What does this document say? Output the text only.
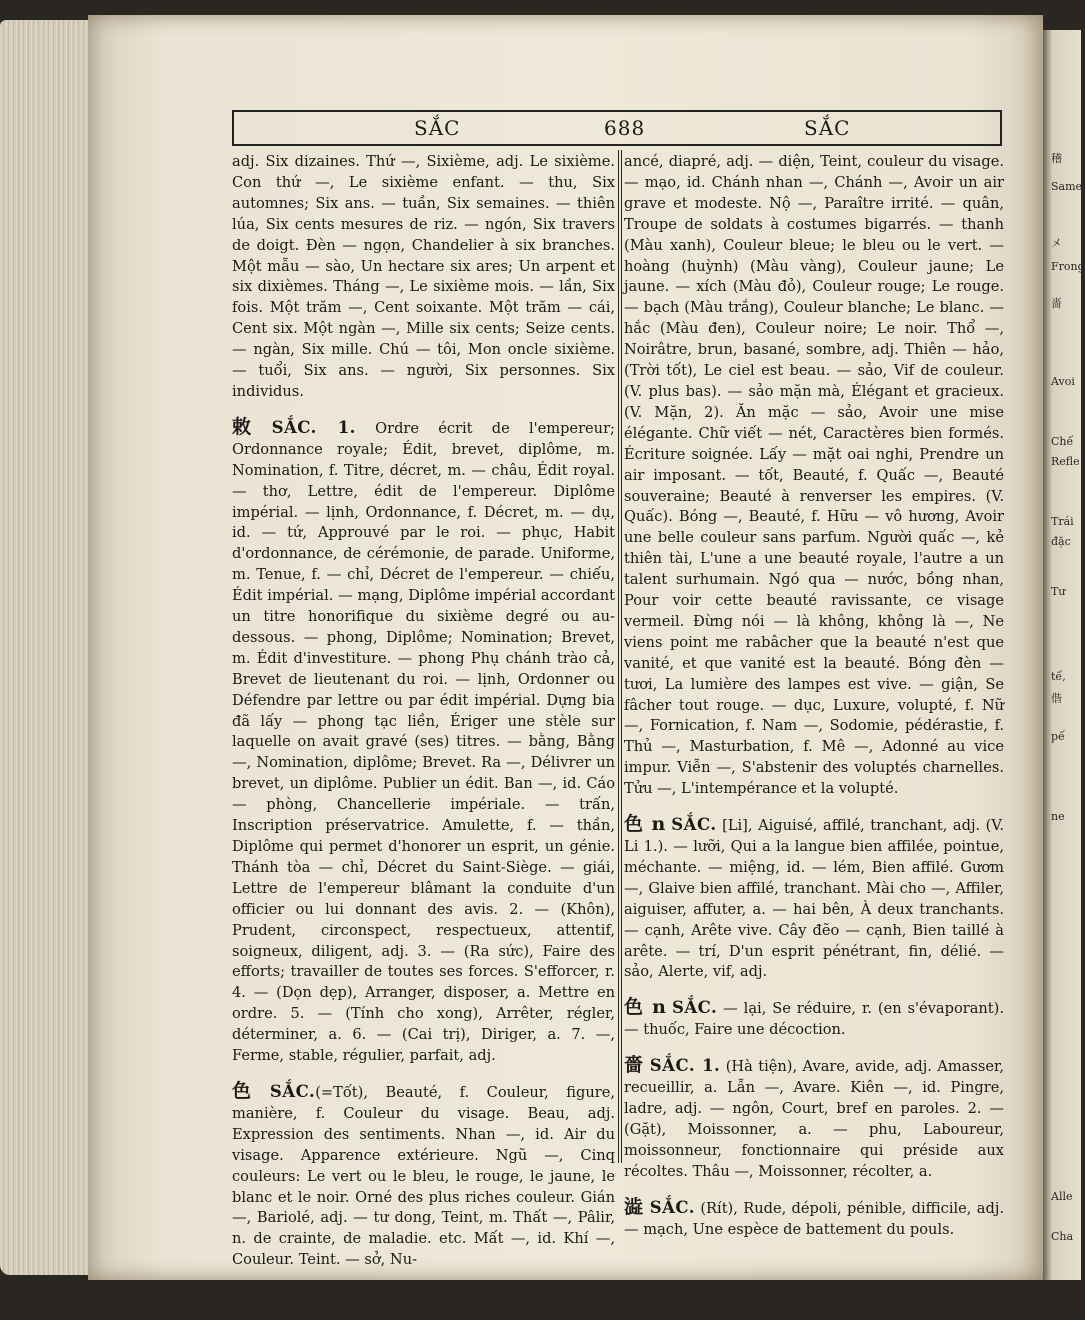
稽
Same
㐅
Frong
嗇
Avoi
Chế
Refle
Trái
đặc
Tư
tế,
偕
pế
ne
Alle
Cha
SẮC	688	SẮC

adj. Six dizaines. Thứ —, Sixième, adj. Le sixième. Con thứ —, Le sixième enfant. — thu, Six automnes; Six ans. — tuần, Six semaines. — thiên lúa, Six cents mesures de riz. — ngón, Six travers de doigt. Đèn — ngọn, Chandelier à six branches. Một mẫu — sào, Un hectare six ares; Un arpent et six dixièmes. Tháng —, Le sixième mois. — lần, Six fois. Một trăm —, Cent soixante. Một trăm — cái, Cent six. Một ngàn —, Mille six cents; Seize cents. — ngàn, Six mille. Chú — tôi, Mon oncle sixième. — tuổi, Six ans. — người, Six personnes. Six individus.

敕 SẮC. 1. Ordre écrit de l'empereur; Ordonnance royale; Édit, brevet, diplôme, m. Nomination, f. Titre, décret, m. — châu, Édit royal. — thơ, Lettre, édit de l'empereur. Diplôme impérial. — lịnh, Ordonnance, f. Décret, m. — dụ, id. — tứ, Approuvé par le roi. — phục, Habit d'ordonnance, de cérémonie, de parade. Uniforme, m. Tenue, f. — chỉ, Décret de l'empereur. — chiếu, Édit impérial. — mạng, Diplôme impérial accordant un titre honorifique du sixième degré ou au-dessous. — phong, Diplôme; Nomination; Brevet, m. Édit d'investiture. — phong Phụ chánh trào cả, Brevet de lieutenant du roi. — lịnh, Ordonner ou Défendre par lettre ou par édit impérial. Dựng bia đã lấy — phong tạc liền, Ériger une stèle sur laquelle on avait gravé (ses) titres. — bằng, Bằng —, Nomination, diplôme; Brevet. Ra —, Délivrer un brevet, un diplôme. Publier un édit. Ban —, id. Cáo — phòng, Chancellerie impériale. — trấn, Inscription préservatrice. Amulette, f. — thần, Diplôme qui permet d'honorer un esprit, un génie. Thánh tòa — chỉ, Décret du Saint-Siège. — giái, Lettre de l'empereur blâmant la conduite d'un officier ou lui donnant des avis. 2. — (Khôn), Prudent, circonspect, respectueux, attentif, soigneux, diligent, adj. 3. — (Ra sức), Faire des efforts; travailler de toutes ses forces. S'efforcer, r. 4. — (Dọn dẹp), Arranger, disposer, a. Mettre en ordre. 5. — (Tính cho xong), Arrêter, régler, déterminer, a. 6. — (Cai trị), Diriger, a. 7. —, Ferme, stable, régulier, parfait, adj.

色 SẮC.(=Tốt), Beauté, f. Couleur, figure, manière, f. Couleur du visage. Beau, adj. Expression des sentiments. Nhan —, id. Air du visage. Apparence extérieure. Ngũ —, Cinq couleurs: Le vert ou le bleu, le rouge, le jaune, le blanc et le noir. Orné des plus riches couleur. Gián —, Bariolé, adj. — tư dong, Teint, m. Thất —, Pâlir, n. de crainte, de maladie. etc. Mất —, id. Khí —, Couleur. Teint. — sở, Nu-

ancé, diapré, adj. — diện, Teint, couleur du visage. — mạo, id. Chánh nhan —, Chánh —, Avoir un air grave et modeste. Nộ —, Paraître irrité. — quân, Troupe de soldats à costumes bigarrés. — thanh (Màu xanh), Couleur bleue; le bleu ou le vert. — hoàng (huỳnh) (Màu vàng), Couleur jaune; Le jaune. — xích (Màu đỏ), Couleur rouge; Le rouge. — bạch (Màu trắng), Couleur blanche; Le blanc. — hắc (Màu đen), Couleur noire; Le noir. Thổ —, Noirâtre, brun, basané, sombre, adj. Thiên — hảo, (Trời tốt), Le ciel est beau. — sảo, Vif de couleur. (V. plus bas). — sảo mặn mà, Élégant et gracieux. (V. Mặn, 2). Ăn mặc — sảo, Avoir une mise élégante. Chữ viết — nét, Caractères bien formés. Écriture soignée. Lấy — mặt oai nghi, Prendre un air imposant. — tốt, Beauté, f. Quấc —, Beauté souveraine; Beauté à renverser les empires. (V. Quấc). Bóng —, Beauté, f. Hữu — vô hương, Avoir une belle couleur sans parfum. Người quấc —, kẻ thiên tài, L'une a une beauté royale, l'autre a un talent surhumain. Ngó qua — nước, bồng nhan, Pour voir cette beauté ravissante, ce visage vermeil. Đừng nói — là không, không là —, Ne viens point me rabâcher que la beauté n'est que vanité, et que vanité est la beauté. Bóng đèn — tươi, La lumière des lampes est vive. — giận, Se fâcher tout rouge. — dục, Luxure, volupté, f. Nữ —, Fornication, f. Nam —, Sodomie, pédérastie, f. Thủ —, Masturbation, f. Mê —, Adonné au vice impur. Viễn —, S'abstenir des voluptés charnelles. Tửu —, L'intempérance et la volupté.

色 n SẮC. [Li], Aiguisé, affilé, tranchant, adj. (V. Li 1.). — lưỡi, Qui a la langue bien affilée, pointue, méchante. — miệng, id. — lém, Bien affilé. Gươm —, Glaive bien affilé, tranchant. Mài cho —, Affiler, aiguiser, affuter, a. — hai bên, À deux tranchants. — cạnh, Arête vive. Cây đẽo — cạnh, Bien taillé à arête. — trí, D'un esprit pénétrant, fin, délié. — sảo, Alerte, vif, adj.

色 n SẮC. — lại, Se réduire, r. (en s'évaporant). — thuốc, Faire une décoction.

嗇 SẮC. 1. (Hà tiện), Avare, avide, adj. Amasser, recueillir, a. Lẫn —, Avare. Kiên —, id. Pingre, ladre, adj. — ngôn, Court, bref en paroles. 2. — (Gặt), Moissonner, a. — phu, Laboureur, moissonneur, fonctionnaire qui préside aux récoltes. Thâu —, Moissonner, récolter, a.

澁 SẮC. (Rít), Rude, dépoli, pénible, difficile, adj. — mạch, Une espèce de battement du pouls.
